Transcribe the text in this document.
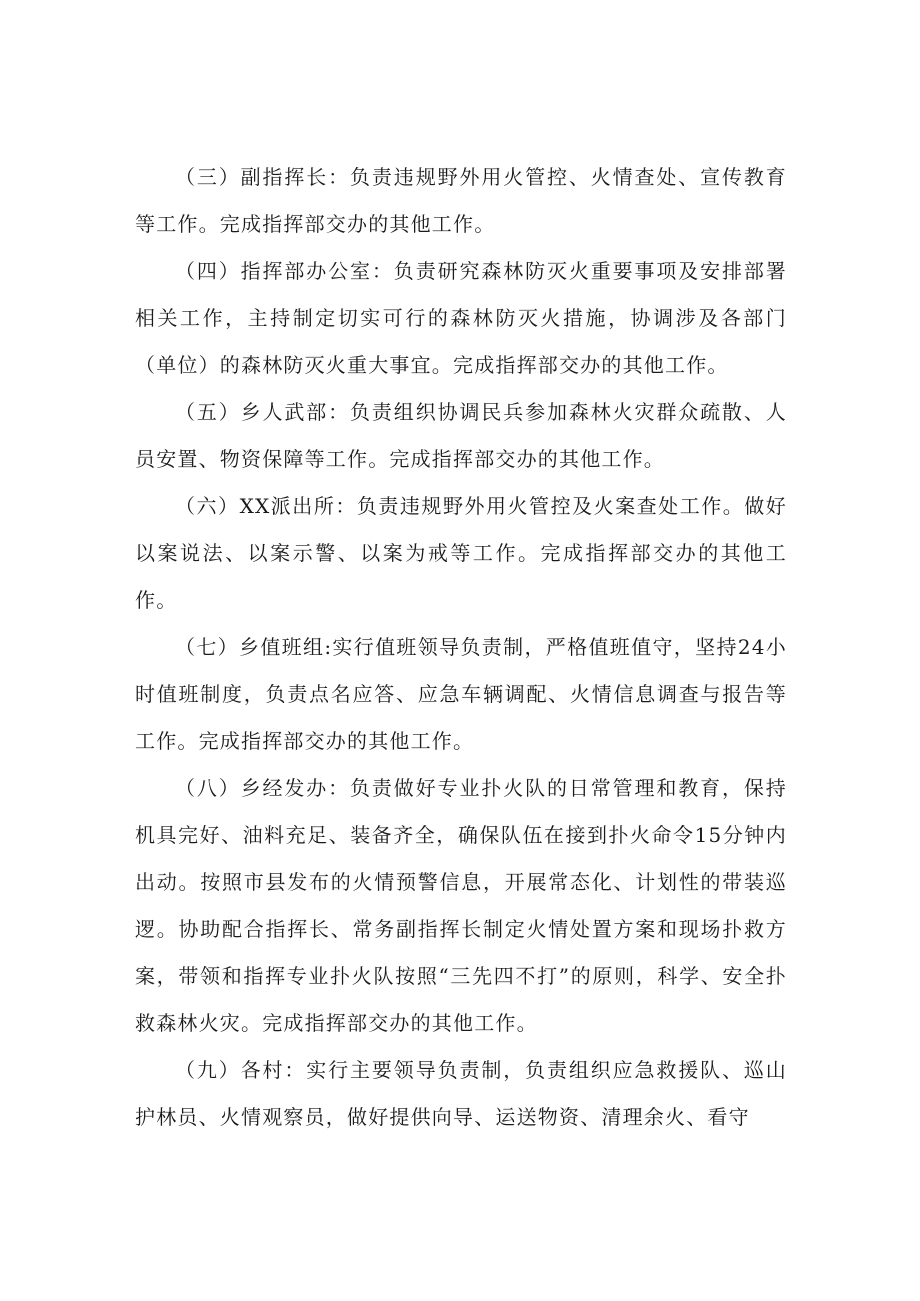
（三）副指挥长：负责违规野外用火管控、火情查处、宣传教育等工作。完成指挥部交办的其他工作。

（四）指挥部办公室：负责研究森林防灭火重要事项及安排部署相关工作，主持制定切实可行的森林防灭火措施，协调涉及各部门（单位）的森林防灭火重大事宜。完成指挥部交办的其他工作。

（五）乡人武部：负责组织协调民兵参加森林火灾群众疏散、人员安置、物资保障等工作。完成指挥部交办的其他工作。

（六）XX派出所：负责违规野外用火管控及火案查处工作。做好以案说法、以案示警、以案为戒等工作。完成指挥部交办的其他工作。

（七）乡值班组:实行值班领导负责制，严格值班值守，坚持24小时值班制度，负责点名应答、应急车辆调配、火情信息调查与报告等工作。完成指挥部交办的其他工作。

（八）乡经发办：负责做好专业扑火队的日常管理和教育，保持机具完好、油料充足、装备齐全，确保队伍在接到扑火命令15分钟内出动。按照市县发布的火情预警信息，开展常态化、计划性的带装巡逻。协助配合指挥长、常务副指挥长制定火情处置方案和现场扑救方案，带领和指挥专业扑火队按照“三先四不打”的原则，科学、安全扑救森林火灾。完成指挥部交办的其他工作。

（九）各村：实行主要领导负责制，负责组织应急救援队、巡山护林员、火情观察员，做好提供向导、运送物资、清理余火、看守
